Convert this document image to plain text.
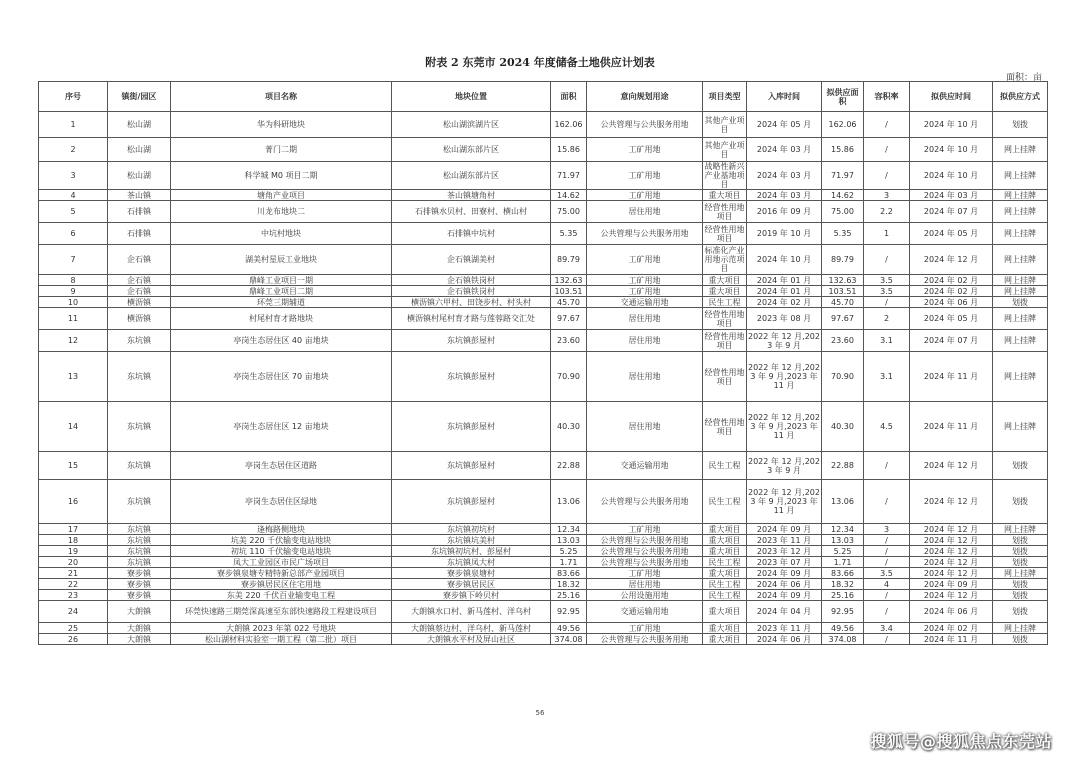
附表 2 东莞市 2024 年度储备土地供应计划表
面积：亩
序号	镇街/园区	项目名称	地块位置	面积	意向规划用途	项目类型	入库时间	拟供应面积	容积率	拟供应时间	拟供应方式
1	松山湖	华为科研地块	松山湖滨湖片区	162.06	公共管理与公共服务用地	其他产业项目	2024 年 05 月	162.06	/	2024 年 10 月	划拨
2	松山湖	菁门二期	松山湖东部片区	15.86	工矿用地	其他产业项目	2024 年 03 月	15.86	/	2024 年 10 月	网上挂牌
3	松山湖	科学城 M0 项目二期	松山湖东部片区	71.97	工矿用地	战略性新兴产业基地项目	2024 年 03 月	71.97	/	2024 年 10 月	网上挂牌
4	茶山镇	塘角产业项目	茶山镇塘角村	14.62	工矿用地	重大项目	2024 年 03 月	14.62	3	2024 年 03 月	网上挂牌
5	石排镇	川龙布地块二	石排镇水贝村、田寮村、横山村	75.00	居住用地	经营性用地项目	2016 年 09 月	75.00	2.2	2024 年 07 月	网上挂牌
6	石排镇	中坑村地块	石排镇中坑村	5.35	公共管理与公共服务用地	经营性用地项目	2019 年 10 月	5.35	1	2024 年 05 月	网上挂牌
7	企石镇	湖美村星辰工业地块	企石镇湖美村	89.79	工矿用地	标准化产业用地示范项目	2024 年 10 月	89.79	/	2024 年 12 月	网上挂牌
8	企石镇	鼎峰工业项目一期	企石镇铁岗村	132.63	工矿用地	重大项目	2024 年 01 月	132.63	3.5	2024 年 02 月	网上挂牌
9	企石镇	鼎峰工业项目二期	企石镇铁岗村	103.51	工矿用地	重大项目	2024 年 01 月	103.51	3.5	2024 年 02 月	网上挂牌
10	横沥镇	环莞三期辅道	横沥镇六甲村、田饶步村、村头村	45.70	交通运输用地	民生工程	2024 年 02 月	45.70	/	2024 年 06 月	划拨
11	横沥镇	村尾村育才路地块	横沥镇村尾村育才路与莲蓉路交汇处	97.67	居住用地	经营性用地项目	2023 年 08 月	97.67	2	2024 年 05 月	网上挂牌
12	东坑镇	亭岗生态居住区 40 亩地块	东坑镇彭屋村	23.60	居住用地	经营性用地项目	2022 年 12 月,2023 年 9 月	23.60	3.1	2024 年 07 月	网上挂牌
13	东坑镇	亭岗生态居住区 70 亩地块	东坑镇彭屋村	70.90	居住用地	经营性用地项目	2022 年 12 月,2023 年 9 月,2023 年 11 月	70.90	3.1	2024 年 11 月	网上挂牌
14	东坑镇	亭岗生态居住区 12 亩地块	东坑镇彭屋村	40.30	居住用地	经营性用地项目	2022 年 12 月,2023 年 9 月,2023 年 11 月	40.30	4.5	2024 年 11 月	网上挂牌
15	东坑镇	亭岗生态居住区道路	东坑镇彭屋村	22.88	交通运输用地	民生工程	2022 年 12 月,2023 年 9 月	22.88	/	2024 年 12 月	划拨
16	东坑镇	亭岗生态居住区绿地	东坑镇彭屋村	13.06	公共管理与公共服务用地	民生工程	2022 年 12 月,2023 年 9 月,2023 年 11 月	13.06	/	2024 年 12 月	划拨
17	东坑镇	逢梅路侧地块	东坑镇初坑村	12.34	工矿用地	重大项目	2024 年 09 月	12.34	3	2024 年 12 月	网上挂牌
18	东坑镇	坑美 220 千伏输变电站地块	东坑镇坑美村	13.03	公共管理与公共服务用地	重大项目	2023 年 11 月	13.03	/	2024 年 12 月	划拨
19	东坑镇	初坑 110 千伏输变电站地块	东坑镇初坑村、彭屋村	5.25	公共管理与公共服务用地	重大项目	2023 年 12 月	5.25	/	2024 年 12 月	划拨
20	东坑镇	凤大工业园区市民广场项目	东坑镇凤大村	1.71	公共管理与公共服务用地	民生工程	2023 年 07 月	1.71	/	2024 年 12 月	划拨
21	寮步镇	寮步镇泉塘专精特新总部产业园项目	寮步镇泉塘村	83.66	工矿用地	重大项目	2024 年 09 月	83.66	3.5	2024 年 12 月	网上挂牌
22	寮步镇	寮步镇居民区住宅用地	寮步镇居民区	18.32	居住用地	民生工程	2024 年 06 月	18.32	4	2024 年 09 月	划拨
23	寮步镇	东美 220 千伏百业输变电工程	寮步镇下岭贝村	25.16	公用设施用地	民生工程	2024 年 09 月	25.16	/	2024 年 12 月	划拨
24	大朗镇	环莞快速路三期莞深高速至东部快速路段工程建设项目	大朗镇水口村、新马莲村、洋乌村	92.95	交通运输用地	重大项目	2024 年 04 月	92.95	/	2024 年 06 月	划拨
25	大朗镇	大朗镇 2023 年第 022 号地块	大朗镇蔡边村、洋乌村、新马莲村	49.56	工矿用地	重大项目	2023 年 11 月	49.56	3.4	2024 年 02 月	网上挂牌
26	大朗镇	松山湖材料实验室一期工程（第二批）项目	大朗镇水平村及屏山社区	374.08	公共管理与公共服务用地	重大项目	2024 年 06 月	374.08	/	2024 年 11 月	划拨
56
搜狐号@搜狐焦点东莞站
